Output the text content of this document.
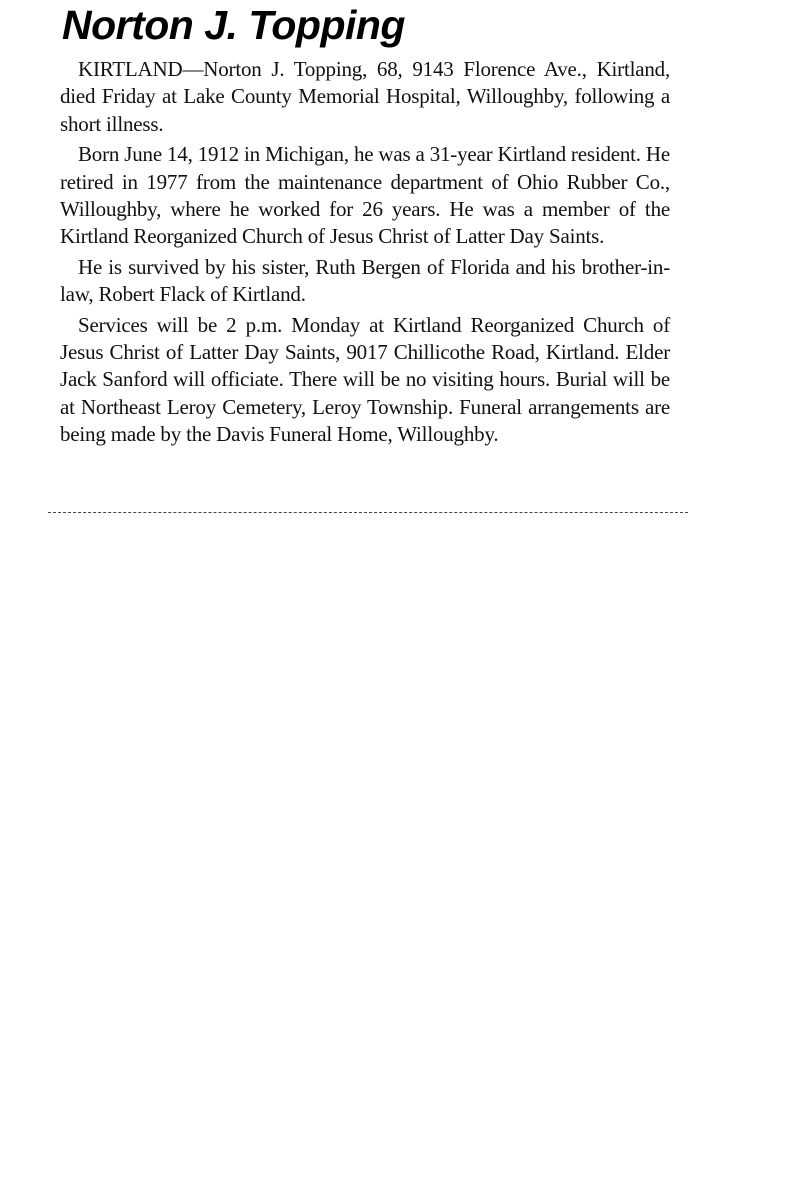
Norton J. Topping

KIRTLAND—Norton J. Topping, 68, 9143 Florence Ave., Kirtland, died Friday at Lake County Memorial Hospital, Willoughby, following a short illness.

Born June 14, 1912 in Michigan, he was a 31-year Kirtland resident. He retired in 1977 from the maintenance department of Ohio Rubber Co., Willoughby, where he worked for 26 years. He was a member of the Kirtland Reorganized Church of Jesus Christ of Latter Day Saints.

He is survived by his sister, Ruth Bergen of Florida and his brother-in-law, Robert Flack of Kirtland.

Services will be 2 p.m. Monday at Kirtland Reorganized Church of Jesus Christ of Latter Day Saints, 9017 Chillicothe Road, Kirtland. Elder Jack Sanford will officiate. There will be no visiting hours. Burial will be at Northeast Leroy Cemetery, Leroy Township. Funeral arrangements are being made by the Davis Funeral Home, Willoughby.
